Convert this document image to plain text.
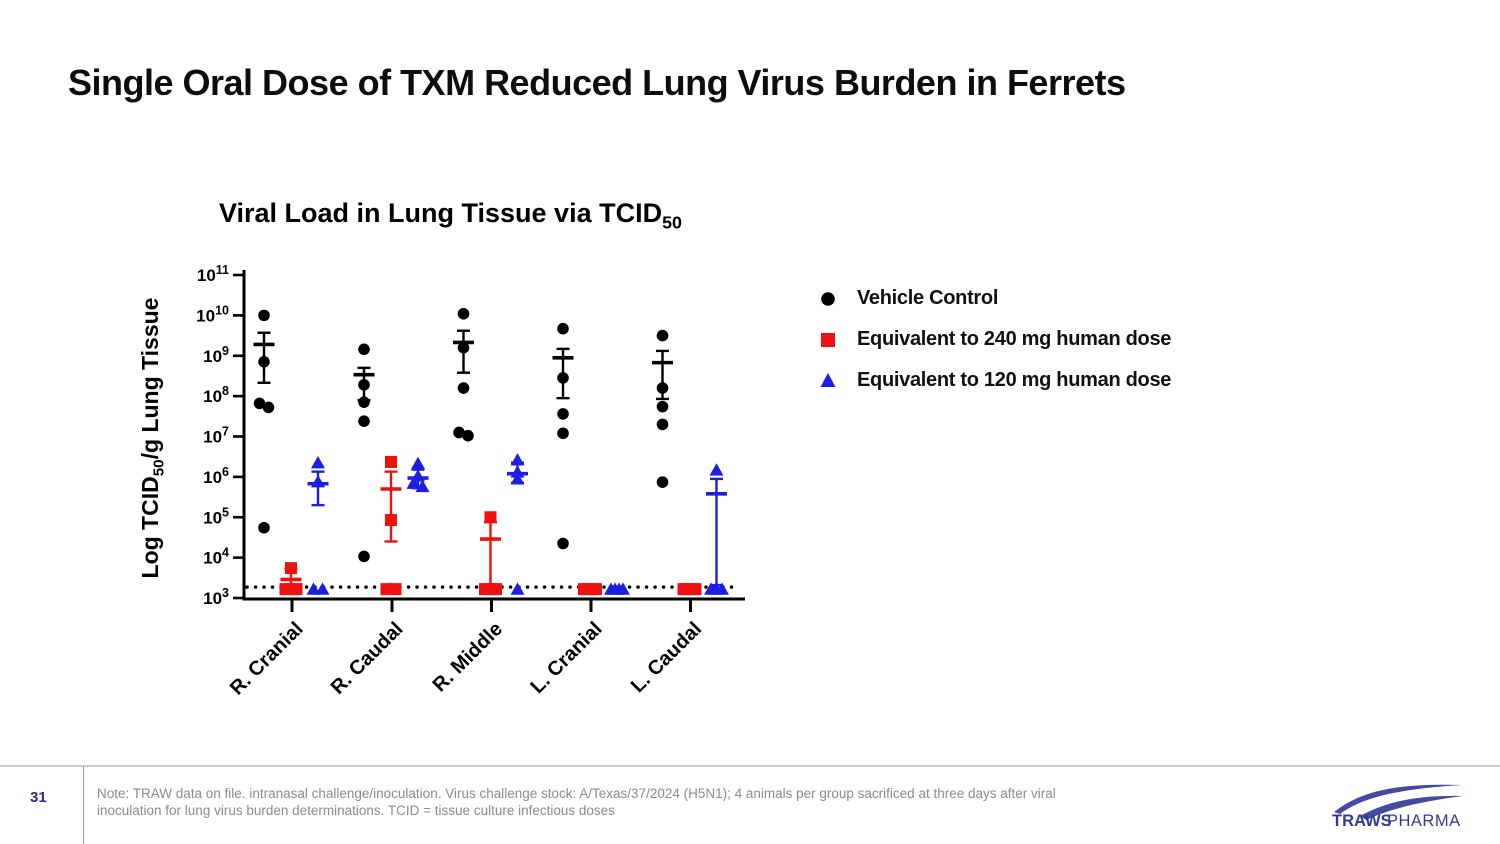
Single Oral Dose of TXM Reduced Lung Virus Burden in Ferrets
Viral Load in Lung Tissue via $TCID_{50}$
Log $TCID_{50}/g$ Lung Tissue
$10^3$
$10^4$
$10^5$
$10^6$
$10^7$
$10^8$
$10^9$
$10^{10}$
$10^{11}$
R. Cranial R. Caudal R. Middle L. Cranial L. Caudal
Vehicle Control
Equivalent to 240 mg human dose
Equivalent to 120 mg human dose
31	Note: TRAW data on file. intranasal challenge/inoculation. Virus challenge stock: A/Texas/37/2024 (H5N1); 4 animals per group sacrificed at three days after viral
inoculation for lung virus burden determinations. TCID = tissue culture infectious doses
TRAWS
PHARMA
